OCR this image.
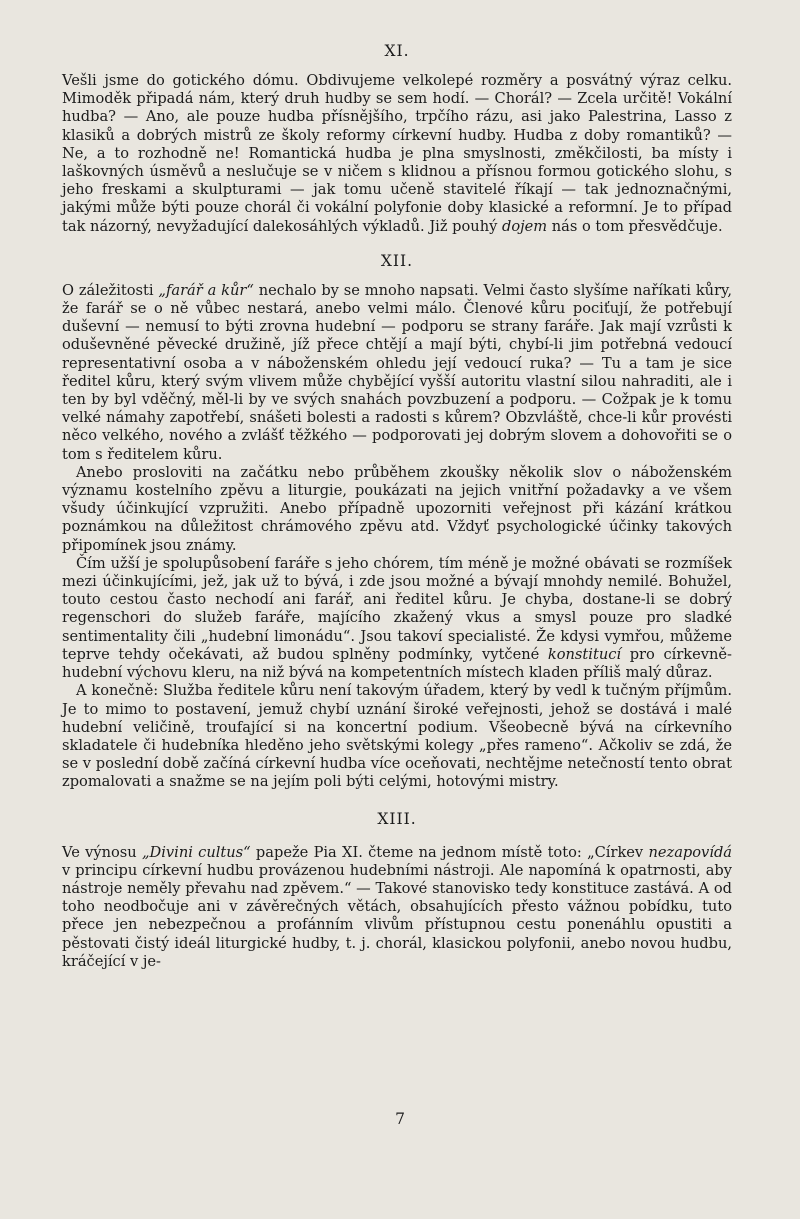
XI.

Vešli jsme do gotického dómu. Obdivujeme velkolepé rozměry a posvátný výraz celku. Mimoděk připadá nám, který druh hudby se sem hodí. — Chorál? — Zcela určitě! Vokální hudba? — Ano, ale pouze hudba přísnějšího, trpčího rázu, asi jako Palestrina, Lasso z klasiků a dobrých mistrů ze školy reformy církevní hudby. Hudba z doby romantiků? — Ne, a to rozhodně ne! Romantická hudba je plna smyslnosti, změkčilosti, ba místy i laškovných úsměvů a neslučuje se v ničem s klidnou a přísnou formou gotického slohu, s jeho freskami a skulpturami — jak tomu učeně stavitelé říkají — tak jednoznačnými, jakými může býti pouze chorál či vokální polyfonie doby klasické a reformní. Je to případ tak názorný, nevyžadující dalekosáhlých výkladů. Již pouhý dojem nás o tom přesvědčuje.

XII.

O záležitosti „farář a kůr“ nechalo by se mnoho napsati. Velmi často slyšíme naříkati kůry, že farář se o ně vůbec nestará, anebo velmi málo. Členové kůru pociťují, že potřebují duševní — nemusí to býti zrovna hudební — podporu se strany faráře. Jak mají vzrůsti k oduševněné pěvecké družině, jíž přece chtějí a mají býti, chybí-li jim potřebná vedoucí representativní osoba a v náboženském ohledu její vedoucí ruka? — Tu a tam je sice ředitel kůru, který svým vlivem může chybějící vyšší autoritu vlastní silou nahraditi, ale i ten by byl vděčný, měl-li by ve svých snahách povzbuzení a podporu. — Cožpak je k tomu velké námahy zapotřebí, snášeti bolesti a radosti s kůrem? Obzvláště, chce-li kůr provésti něco velkého, nového a zvlášť těžkého — podporovati jej dobrým slovem a dohovořiti se o tom s ředitelem kůru.

Anebo prosloviti na začátku nebo průběhem zkoušky několik slov o náboženském významu kostelního zpěvu a liturgie, poukázati na jejich vnitřní požadavky a ve všem všudy účinkující vzpružiti. Anebo případně upozorniti veřejnost při kázání krátkou poznámkou na důležitost chrámového zpěvu atd. Vždyť psychologické účinky takových připomínek jsou známy.

Čím užší je spolupůsobení faráře s jeho chórem, tím méně je možné obávati se rozmíšek mezi účinkujícími, jež, jak už to bývá, i zde jsou možné a bývají mnohdy nemilé. Bohužel, touto cestou často nechodí ani farář, ani ředitel kůru. Je chyba, dostane-li se dobrý regenschori do služeb faráře, majícího zkažený vkus a smysl pouze pro sladké sentimentality čili „hudební limonádu“. Jsou takoví specialisté. Že kdysi vymřou, můžeme teprve tehdy očekávati, až budou splněny podmínky, vytčené konstitucí pro církevně-hudební výchovu kleru, na niž bývá na kompetentních místech kladen příliš malý důraz.

A konečně: Služba ředitele kůru není takovým úřadem, který by vedl k tučným příjmům. Je to mimo to postavení, jemuž chybí uznání široké veřejnosti, jehož se dostává i malé hudební veličině, troufající si na koncertní podium. Všeobecně bývá na církevního skladatele či hudebníka hleděno jeho světskými kolegy „přes rameno“. Ačkoliv se zdá, že se v poslední době začíná církevní hudba více oceňovati, nechtějme netečností tento obrat zpomalovati a snažme se na jejím poli býti celými, hotovými mistry.

XIII.

Ve výnosu „Divini cultus“ papeže Pia XI. čteme na jednom místě toto: „Církev nezapovídá v principu církevní hudbu provázenou hudebními nástroji. Ale napomíná k opatrnosti, aby nástroje neměly převahu nad zpěvem.“ — Takové stanovisko tedy konstituce zastává. A od toho neodbočuje ani v závěrečných větách, obsahujících přesto vážnou pobídku, tuto přece jen nebezpečnou a profánním vlivům přístupnou cestu ponenáhlu opustiti a pěstovati čistý ideál liturgické hudby, t. j. chorál, klasickou polyfonii, anebo novou hudbu, kráčející v je-

7
